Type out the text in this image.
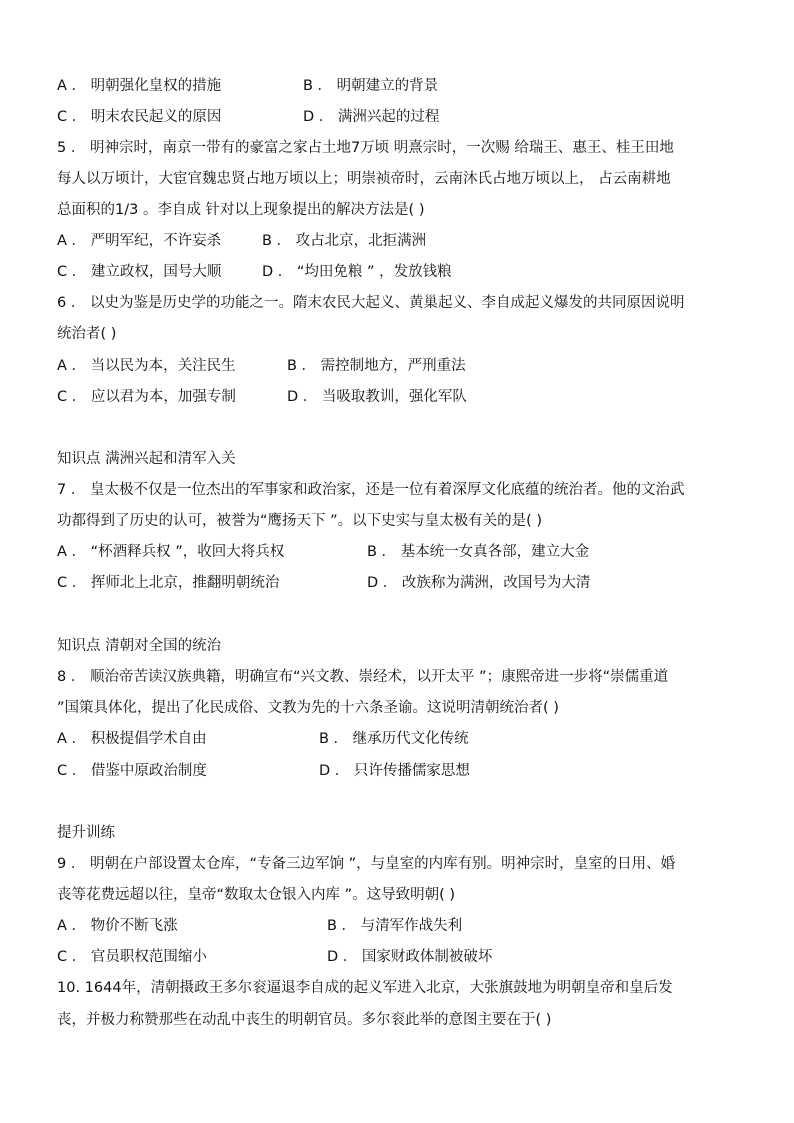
A ． 明朝强化皇权的措施	B ． 明朝建立的背景
C ． 明末农民起义的原因	D ． 满洲兴起的过程
5 ． 明神宗时，南京一带有的豪富之家占土地7万顷 明熹宗时，一次赐 给瑞王、惠王、桂王田地
每人以万顷计，大宦官魏忠贤占地万顷以上；明崇祯帝时，云南沐氏占地万顷以上， 占云南耕地
总面积的1/3 。李自成 针对以上现象提出的解决方法是( )
A ． 严明军纪，不许妄杀	B ． 攻占北京，北拒满洲
C ． 建立政权，国号大顺	D ． “均田免粮 ” ，发放钱粮
6 ． 以史为鉴是历史学的功能之一。隋末农民大起义、黄巢起义、李自成起义爆发的共同原因说明
统治者( )
A ． 当以民为本，关注民生	B ． 需控制地方，严刑重法
C ． 应以君为本，加强专制	D ． 当吸取教训，强化军队
知识点 满洲兴起和清军入关
7 ． 皇太极不仅是一位杰出的军事家和政治家，还是一位有着深厚文化底蕴的统治者。他的文治武
功都得到了历史的认可，被誉为“鹰扬天下 ”。以下史实与皇太极有关的是( )
A ． “杯酒释兵权 ”，收回大将兵权	B ． 基本统一女真各部，建立大金
C ． 挥师北上北京，推翻明朝统治	D ． 改族称为满洲，改国号为大清
知识点 清朝对全国的统治
8 ． 顺治帝苦读汉族典籍，明确宣布“兴文教、崇经术，以开太平 ”；康熙帝进一步将“崇儒重道
”国策具体化，提出了化民成俗、文教为先的十六条圣谕。这说明清朝统治者( )
A ． 积极提倡学术自由	B ． 继承历代文化传统
C ． 借鉴中原政治制度	D ． 只许传播儒家思想
提升训练
9 ． 明朝在户部设置太仓库，“专备三边军饷 ”，与皇室的内库有别。明神宗时，皇室的日用、婚
丧等花费远超以往，皇帝“数取太仓银入内库 ”。这导致明朝( )
A ． 物价不断飞涨	B ． 与清军作战失利
C ． 官员职权范围缩小	D ． 国家财政体制被破坏
10. 1644年，清朝摄政王多尔衮逼退李自成的起义军进入北京，大张旗鼓地为明朝皇帝和皇后发
丧，并极力称赞那些在动乱中丧生的明朝官员。多尔衮此举的意图主要在于( )
